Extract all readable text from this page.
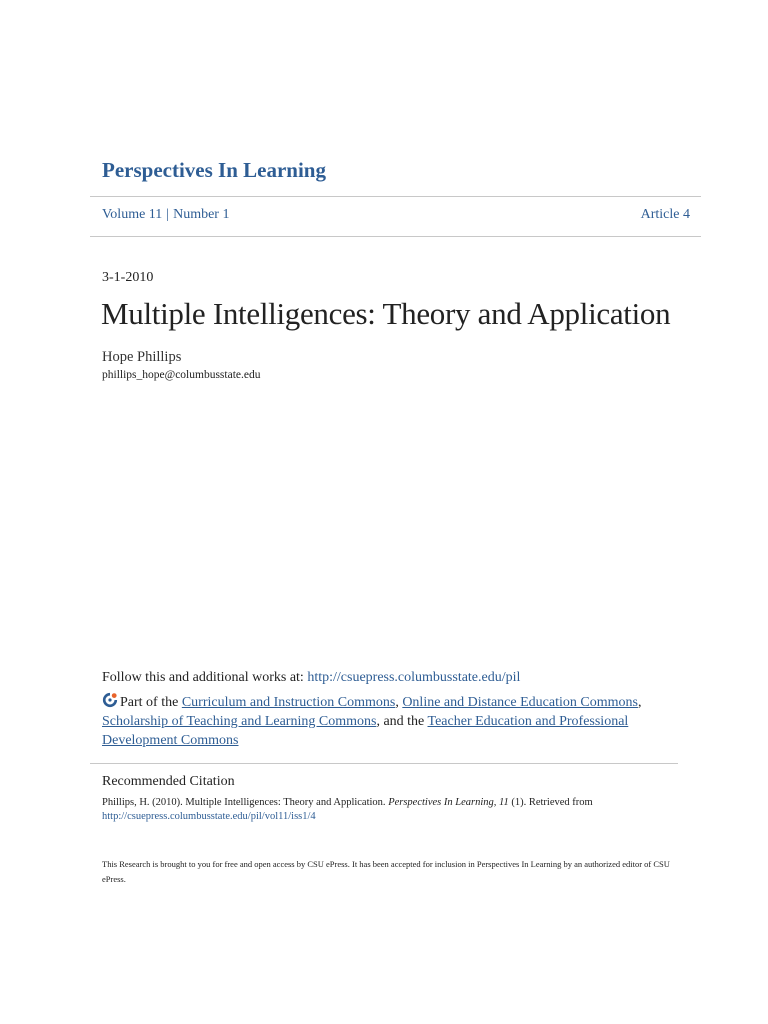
Perspectives In Learning
Volume 11 | Number 1	Article 4
3-1-2010
Multiple Intelligences: Theory and Application
Hope Phillips
phillips_hope@columbusstate.edu
Follow this and additional works at: http://csuepress.columbusstate.edu/pil
Part of the Curriculum and Instruction Commons, Online and Distance Education Commons,
Scholarship of Teaching and Learning Commons, and the Teacher Education and Professional Development Commons
Recommended Citation
Phillips, H. (2010). Multiple Intelligences: Theory and Application. Perspectives In Learning, 11 (1). Retrieved from
http://csuepress.columbusstate.edu/pil/vol11/iss1/4
This Research is brought to you for free and open access by CSU ePress. It has been accepted for inclusion in Perspectives In Learning by an authorized editor of CSU ePress.
